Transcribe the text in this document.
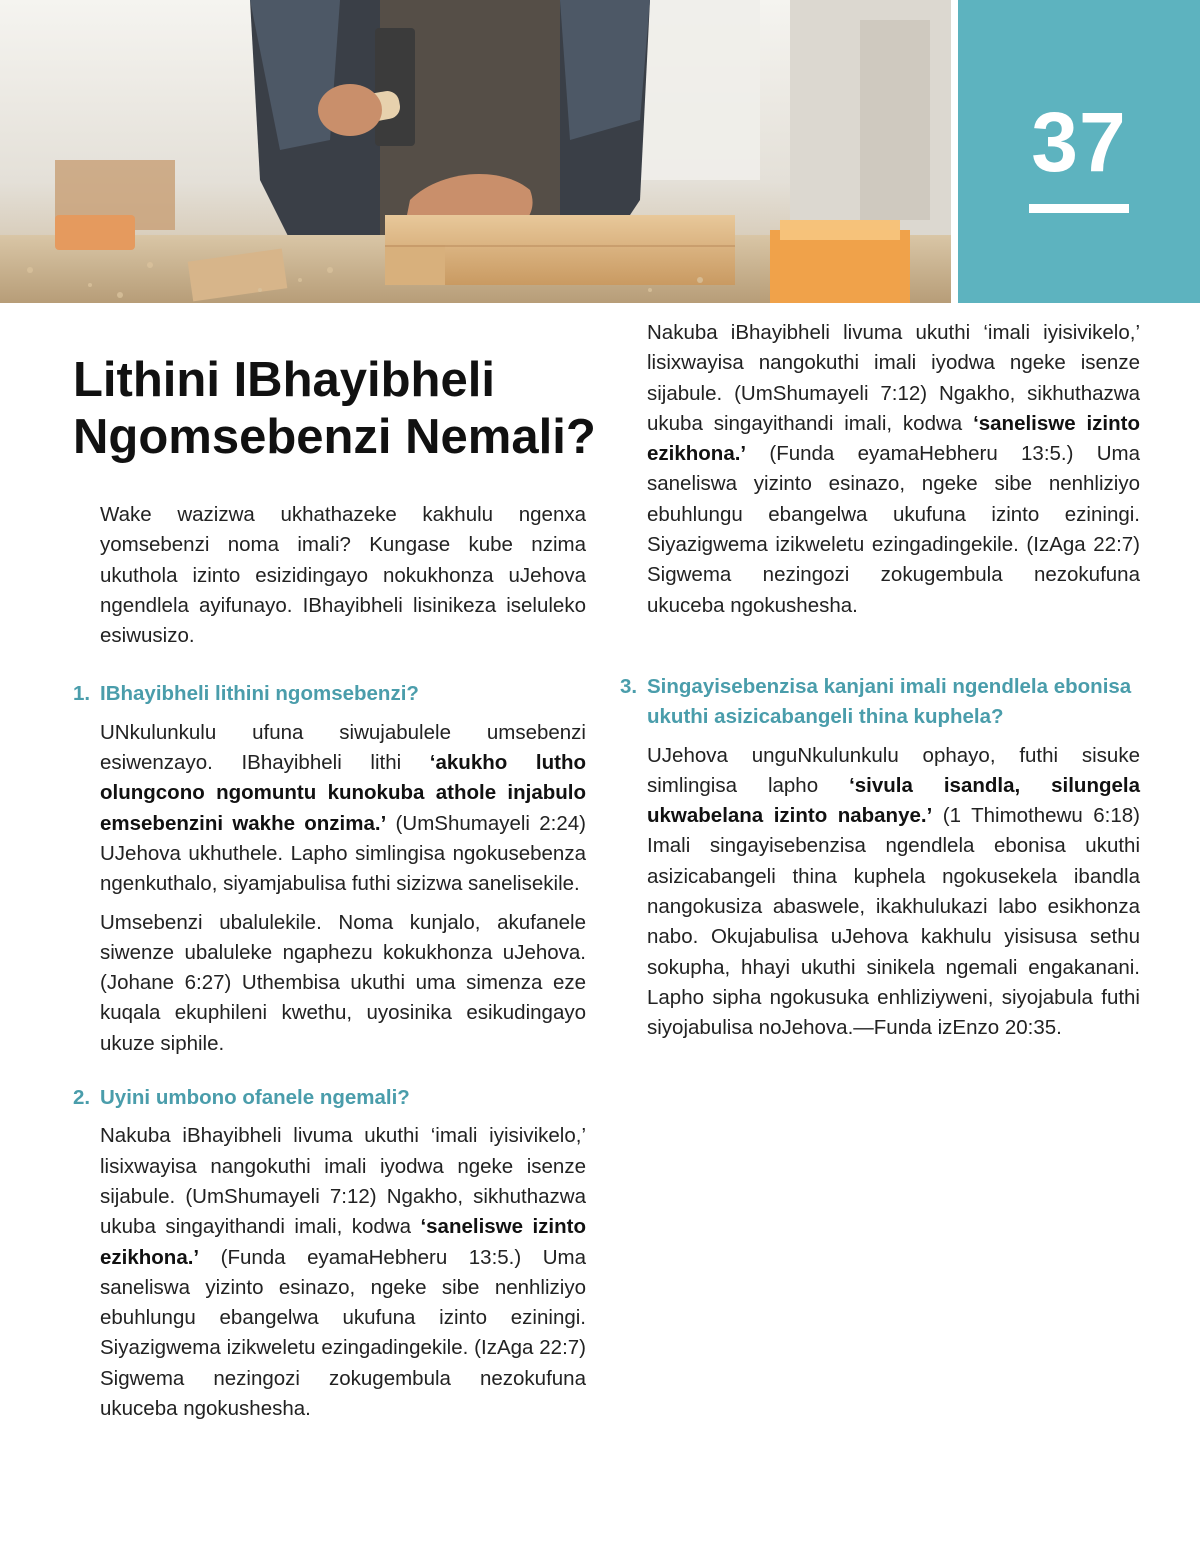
37
Lithini IBhayibheli
Ngomsebenzi Nemali?

Wake wazizwa ukhathazeke kakhulu ngenxa yomsebenzi noma imali? Kungase kube nzima ukuthola izinto esizidingayo nokukhonza uJehova ngendlela ayifunayo. IBhayibheli lisinikeza iseluleko esiwusizo.

1. IBhayibheli lithini ngomsebenzi?

UNkulunkulu ufuna siwujabulele umsebenzi esiwenzayo. IBhayibheli lithi ‘akukho lutho olungcono ngomuntu kunokuba athole injabulo emsebenzini wakhe onzima.’ (UmShumayeli 2:24) UJehova ukhuthele. Lapho simlingisa ngokusebenza ngenkuthalo, siyamjabulisa futhi sizizwa sanelisekile.

Umsebenzi ubalulekile. Noma kunjalo, akufanele siwenze ubaluleke ngaphezu kokukhonza uJehova. (Johane 6:27) Uthembisa ukuthi uma simenza eze kuqala ekuphileni kwethu, uyosinika esikudingayo ukuze siphile.

2. Uyini umbono ofanele ngemali?

Nakuba iBhayibheli livuma ukuthi ‘imali iyisivikelo,’ lisixwayisa nangokuthi imali iyodwa ngeke isenze sijabule. (UmShumayeli 7:12) Ngakho, sikhuthazwa ukuba singayithandi imali, kodwa ‘saneliswe izinto ezikhona.’ (Funda eyamaHebheru 13:5.) Uma saneliswa yizinto esinazo, ngeke sibe nenhliziyo ebuhlungu ebangelwa ukufuna izinto eziningi. Siyazigwema izikweletu ezingadingekile. (IzAga 22:7) Sigwema nezingozi zokugembula nezokufuna ukuceba ngokushesha.

Nakuba iBhayibheli livuma ukuthi ‘imali iyisivikelo,’ lisixwayisa nangokuthi imali iyodwa ngeke isenze sijabule. (UmShumayeli 7:12) Ngakho, sikhuthazwa ukuba singayithandi imali, kodwa ‘saneliswe izinto ezikhona.’ (Funda eyamaHebheru 13:5.) Uma saneliswa yizinto esinazo, ngeke sibe nenhliziyo ebuhlungu ebangelwa ukufuna izinto eziningi. Siyazigwema izikweletu ezingadingekile. (IzAga 22:7) Sigwema nezingozi zokugembula nezokufuna ukuceba ngokushesha.

3. Singayisebenzisa kanjani imali ngendlela ebonisa ukuthi asizicabangeli thina kuphela?

UJehova unguNkulunkulu ophayo, futhi sisuke simlingisa lapho ‘sivula isandla, silungela ukwabelana izinto nabanye.’ (1 Thimothewu 6:18) Imali singayisebenzisa ngendlela ebonisa ukuthi asizicabangeli thina kuphela ngokusekela ibandla nangokusiza abaswele, ikakhulukazi labo esikhonza nabo. Okujabulisa uJehova kakhulu yisisusa sethu sokupha, hhayi ukuthi sinikela ngemali engakanani. Lapho sipha ngokusuka enhliziyweni, siyojabula futhi siyojabulisa noJehova.—Funda izEnzo 20:35.
